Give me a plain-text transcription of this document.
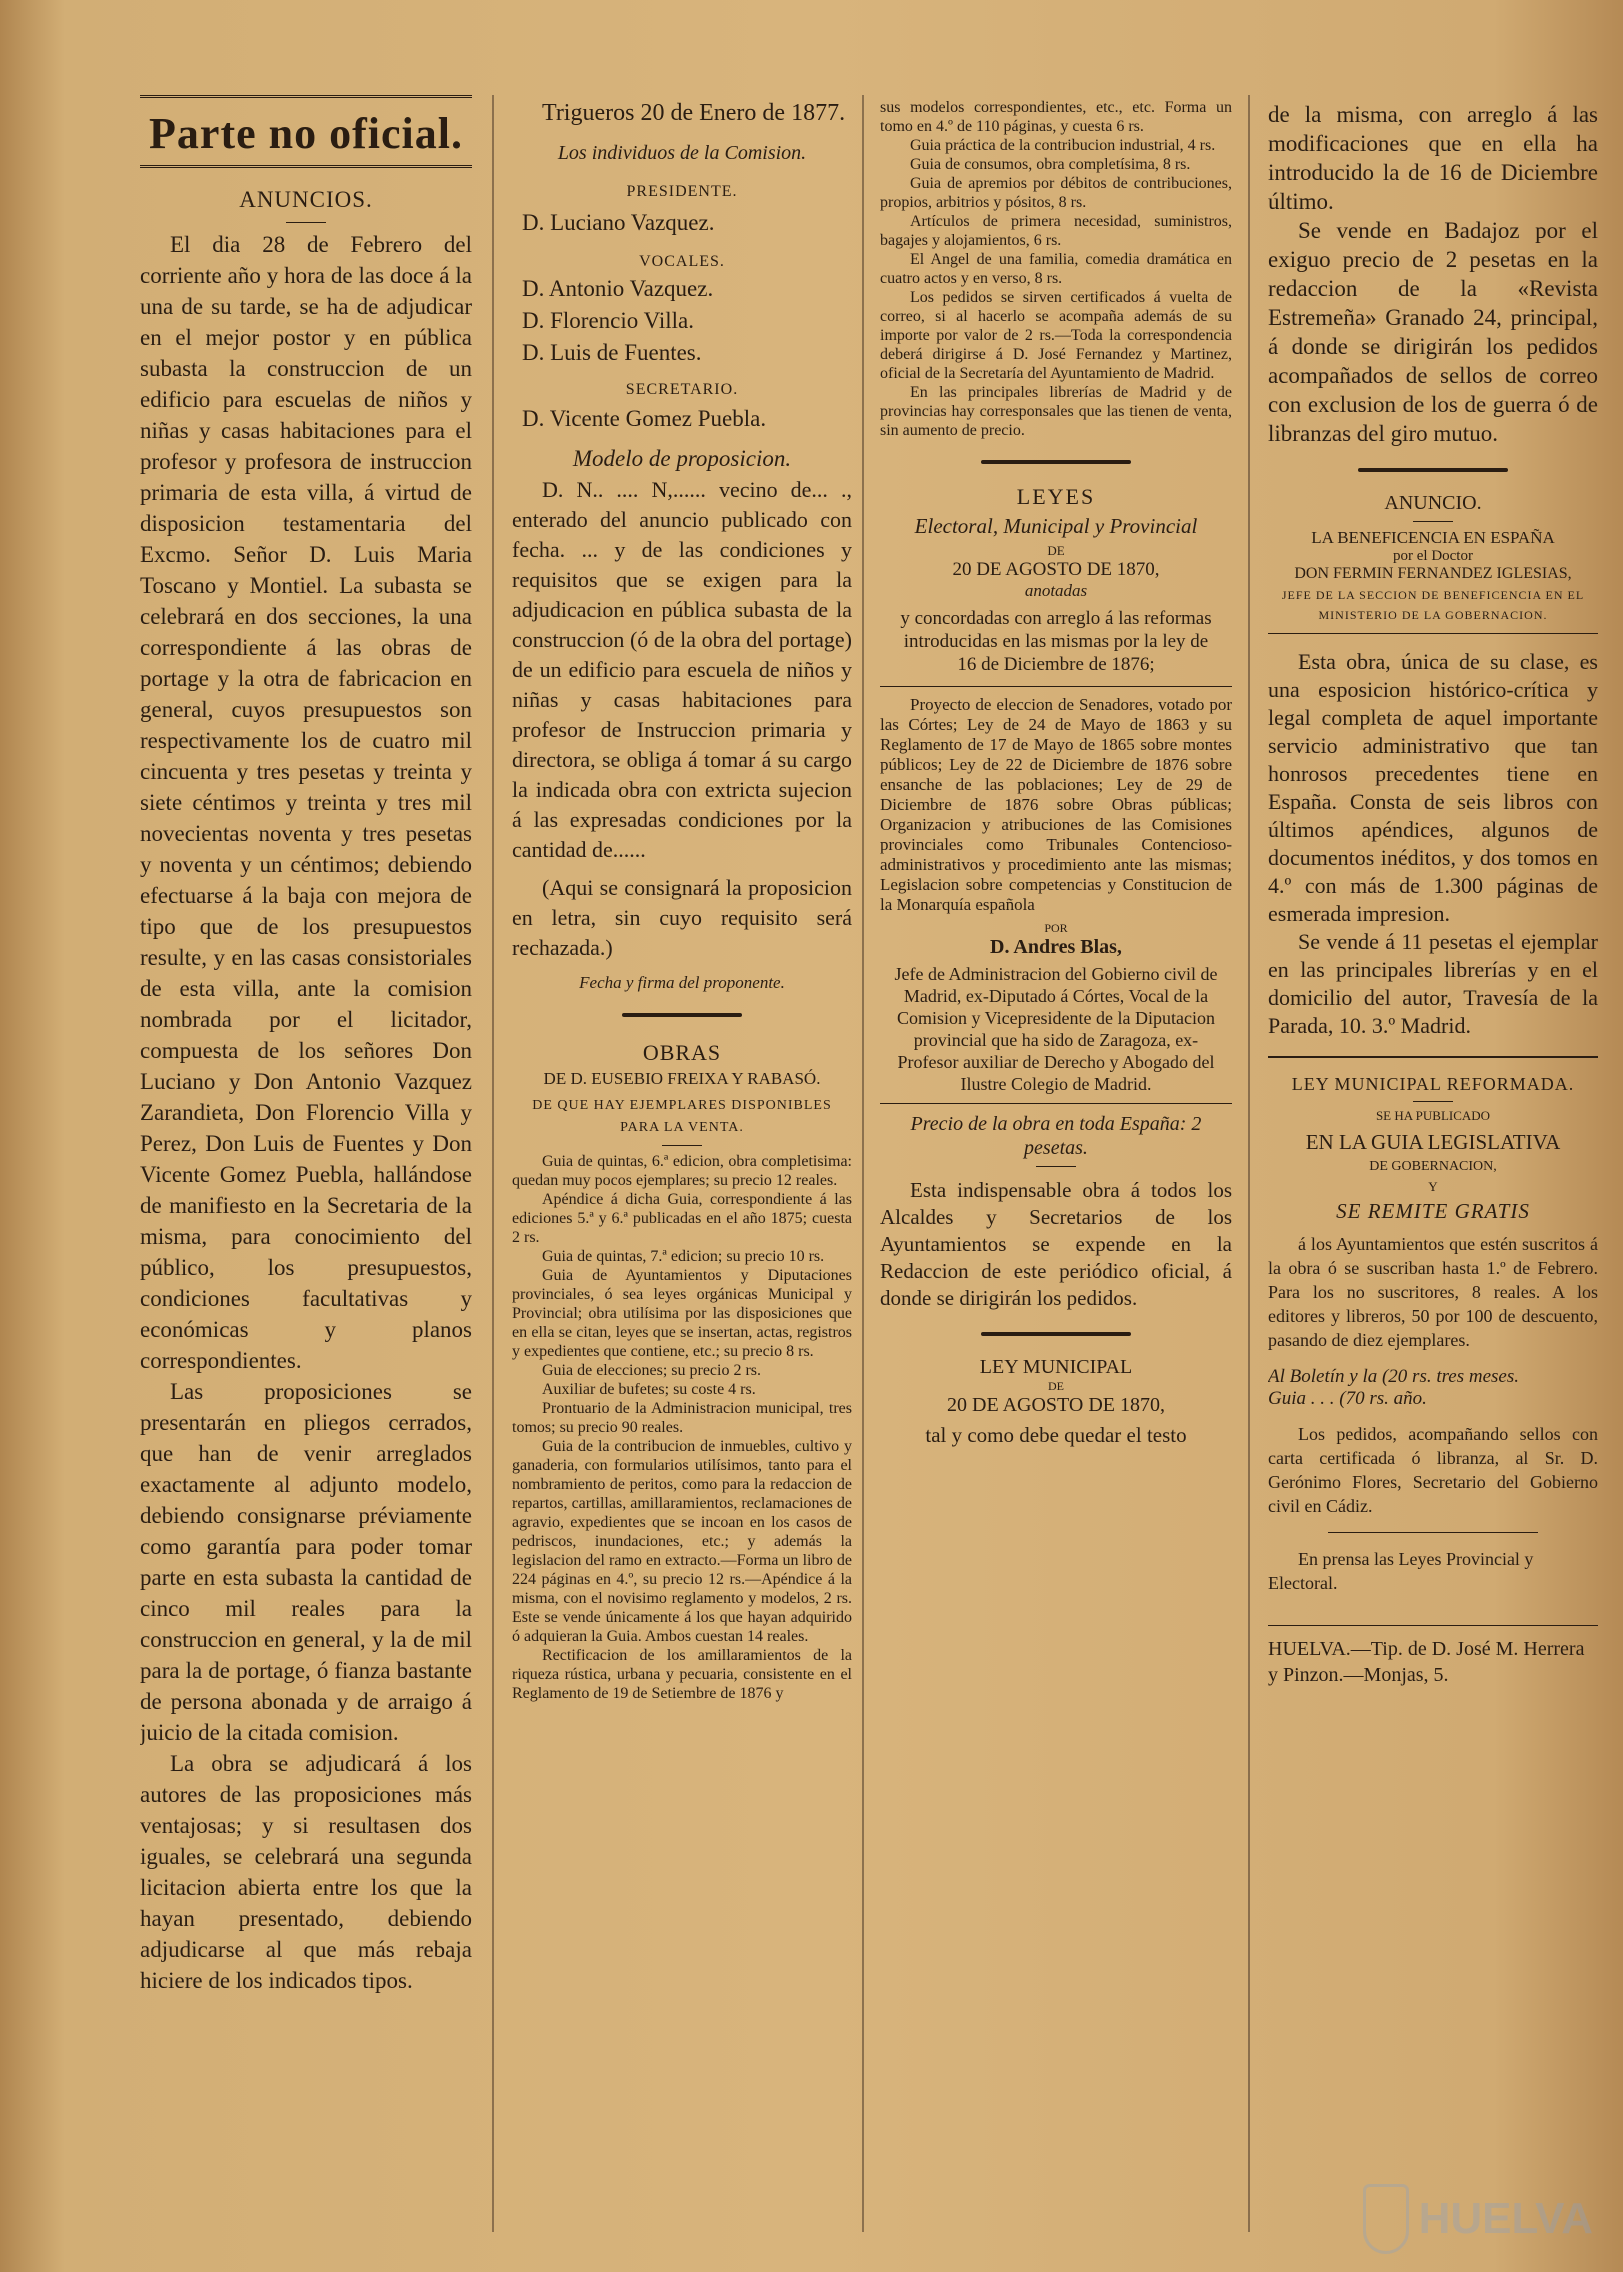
Parte no oficial.
ANUNCIOS.

El dia 28 de Febrero del corriente año y hora de las doce á la una de su tarde, se ha de adjudicar en el mejor postor y en pública subasta la construccion de un edificio para escuelas de niños y niñas y casas habitaciones para el profesor y profesora de instruccion primaria de esta villa, á virtud de disposicion testamentaria del Excmo. Señor D. Luis Maria Toscano y Montiel. La subasta se celebrará en dos secciones, la una correspondiente á las obras de portage y la otra de fabricacion en general, cuyos presupuestos son respectivamente los de cuatro mil cincuenta y tres pesetas y treinta y siete céntimos y treinta y tres mil novecientas noventa y tres pesetas y noventa y un céntimos; debiendo efectuarse á la baja con mejora de tipo que de los presupuestos resulte, y en las casas consistoriales de esta villa, ante la comision nombrada por el licitador, compuesta de los señores Don Luciano y Don Antonio Vazquez Zarandieta, Don Florencio Villa y Perez, Don Luis de Fuentes y Don Vicente Gomez Puebla, hallándose de manifiesto en la Secretaria de la misma, para conocimiento del público, los presupuestos, condiciones facultativas y económicas y planos correspondientes.

Las proposiciones se presentarán en pliegos cerrados, que han de venir arreglados exactamente al adjunto modelo, debiendo consignarse préviamente como garantía para poder tomar parte en esta subasta la cantidad de cinco mil reales para la construccion en general, y la de mil para la de portage, ó fianza bastante de persona abonada y de arraigo á juicio de la citada comision.

La obra se adjudicará á los autores de las proposiciones más ventajosas; y si resultasen dos iguales, se celebrará una segunda licitacion abierta entre los que la hayan presentado, debiendo adjudicarse al que más rebaja hiciere de los indicados tipos.

Trigueros 20 de Enero de 1877.

Los individuos de la Comision.

PRESIDENTE.

D. Luciano Vazquez.

VOCALES.

D. Antonio Vazquez.

D. Florencio Villa.

D. Luis de Fuentes.

SECRETARIO.

D. Vicente Gomez Puebla.

Modelo de proposicion.

D. N.. .... N,...... vecino de... ., enterado del anuncio publicado con fecha. ... y de las condiciones y requisitos que se exigen para la adjudicacion en pública subasta de la construccion (ó de la obra del portage) de un edificio para escuela de niños y niñas y casas habitaciones para profesor de Instruccion primaria y directora, se obliga á tomar á su cargo la indicada obra con extricta sujecion á las expresadas condiciones por la cantidad de......

(Aqui se consignará la proposicion en letra, sin cuyo requisito será rechazada.)

Fecha y firma del proponente.

OBRAS

DE D. EUSEBIO FREIXA Y RABASÓ.

DE QUE HAY EJEMPLARES DISPONIBLES PARA LA VENTA.

Guia de quintas, 6.ª edicion, obra completisima: quedan muy pocos ejemplares; su precio 12 reales.

Apéndice á dicha Guia, correspondiente á las ediciones 5.ª y 6.ª publicadas en el año 1875; cuesta 2 rs.

Guia de quintas, 7.ª edicion; su precio 10 rs.

Guia de Ayuntamientos y Diputaciones provinciales, ó sea leyes orgánicas Municipal y Provincial; obra utilísima por las disposiciones que en ella se citan, leyes que se insertan, actas, registros y expedientes que contiene, etc.; su precio 8 rs.

Guia de elecciones; su precio 2 rs.

Auxiliar de bufetes; su coste 4 rs.

Prontuario de la Administracion municipal, tres tomos; su precio 90 reales.

Guia de la contribucion de inmuebles, cultivo y ganaderia, con formularios utilísimos, tanto para el nombramiento de peritos, como para la redaccion de repartos, cartillas, amillaramientos, reclamaciones de agravio, expedientes que se incoan en los casos de pedriscos, inundaciones, etc.; y además la legislacion del ramo en extracto.—Forma un libro de 224 páginas en 4.º, su precio 12 rs.—Apéndice á la misma, con el novisimo reglamento y modelos, 2 rs. Este se vende únicamente á los que hayan adquirido ó adquieran la Guia. Ambos cuestan 14 reales.

Rectificacion de los amillaramientos de la riqueza rústica, urbana y pecuaria, consistente en el Reglamento de 19 de Setiembre de 1876 y

sus modelos correspondientes, etc., etc. Forma un tomo en 4.º de 110 páginas, y cuesta 6 rs.

Guia práctica de la contribucion industrial, 4 rs.

Guia de consumos, obra completísima, 8 rs.

Guia de apremios por débitos de contribuciones, propios, arbitrios y pósitos, 8 rs.

Artículos de primera necesidad, suministros, bagajes y alojamientos, 6 rs.

El Angel de una familia, comedia dramática en cuatro actos y en verso, 8 rs.

Los pedidos se sirven certificados á vuelta de correo, si al hacerlo se acompaña además de su importe por valor de 2 rs.—Toda la correspondencia deberá dirigirse á D. José Fernandez y Martinez, oficial de la Secretaría del Ayuntamiento de Madrid.

En las principales librerías de Madrid y de provincias hay corresponsales que las tienen de venta, sin aumento de precio.

LEYES

Electoral, Municipal y Provincial

DE

20 DE AGOSTO DE 1870,

anotadas

y concordadas con arreglo á las reformas introducidas en las mismas por la ley de 16 de Diciembre de 1876;

Proyecto de eleccion de Senadores, votado por las Córtes; Ley de 24 de Mayo de 1863 y su Reglamento de 17 de Mayo de 1865 sobre montes públicos; Ley de 22 de Diciembre de 1876 sobre ensanche de las poblaciones; Ley de 29 de Diciembre de 1876 sobre Obras públicas; Organizacion y atribuciones de las Comisiones provinciales como Tribunales Contencioso-administrativos y procedimiento ante las mismas; Legislacion sobre competencias y Constitucion de la Monarquía española

POR

D. Andres Blas,

Jefe de Administracion del Gobierno civil de Madrid, ex-Diputado á Córtes, Vocal de la Comision y Vicepresidente de la Diputacion provincial que ha sido de Zaragoza, ex-Profesor auxiliar de Derecho y Abogado del Ilustre Colegio de Madrid.

Precio de la obra en toda España: 2 pesetas.

Esta indispensable obra á todos los Alcaldes y Secretarios de los Ayuntamientos se expende en la Redaccion de este periódico oficial, á donde se dirigirán los pedidos.

LEY MUNICIPAL

DE

20 DE AGOSTO DE 1870,

tal y como debe quedar el testo

de la misma, con arreglo á las modificaciones que en ella ha introducido la de 16 de Diciembre último.

Se vende en Badajoz por el exiguo precio de 2 pesetas en la redaccion de la «Revista Estremeña» Granado 24, principal, á donde se dirigirán los pedidos acompañados de sellos de correo con exclusion de los de guerra ó de libranzas del giro mutuo.

ANUNCIO.

LA BENEFICENCIA EN ESPAÑA

por el Doctor

DON FERMIN FERNANDEZ IGLESIAS,

JEFE DE LA SECCION DE BENEFICENCIA EN EL MINISTERIO DE LA GOBERNACION.

Esta obra, única de su clase, es una esposicion histórico-crítica y legal completa de aquel importante servicio administrativo que tan honrosos precedentes tiene en España. Consta de seis libros con últimos apéndices, algunos de documentos inéditos, y dos tomos en 4.º con más de 1.300 páginas de esmerada impresion.

Se vende á 11 pesetas el ejemplar en las principales librerías y en el domicilio del autor, Travesía de la Parada, 10. 3.º Madrid.

LEY MUNICIPAL REFORMADA.

SE HA PUBLICADO

EN LA GUIA LEGISLATIVA

DE GOBERNACION,

Y

SE REMITE GRATIS

á los Ayuntamientos que estén suscritos á la obra ó se suscriban hasta 1.º de Febrero. Para los no suscritores, 8 reales. A los editores y libreros, 50 por 100 de descuento, pasando de diez ejemplares.

Al Boletín y la (20 rs. tres meses.

Guia . . . (70 rs. año.

Los pedidos, acompañando sellos con carta certificada ó libranza, al Sr. D. Gerónimo Flores, Secretario del Gobierno civil en Cádiz.

En prensa las Leyes Provincial y Electoral.

HUELVA.—Tip. de D. José M. Herrera y Pinzon.—Monjas, 5.

HUELVA
